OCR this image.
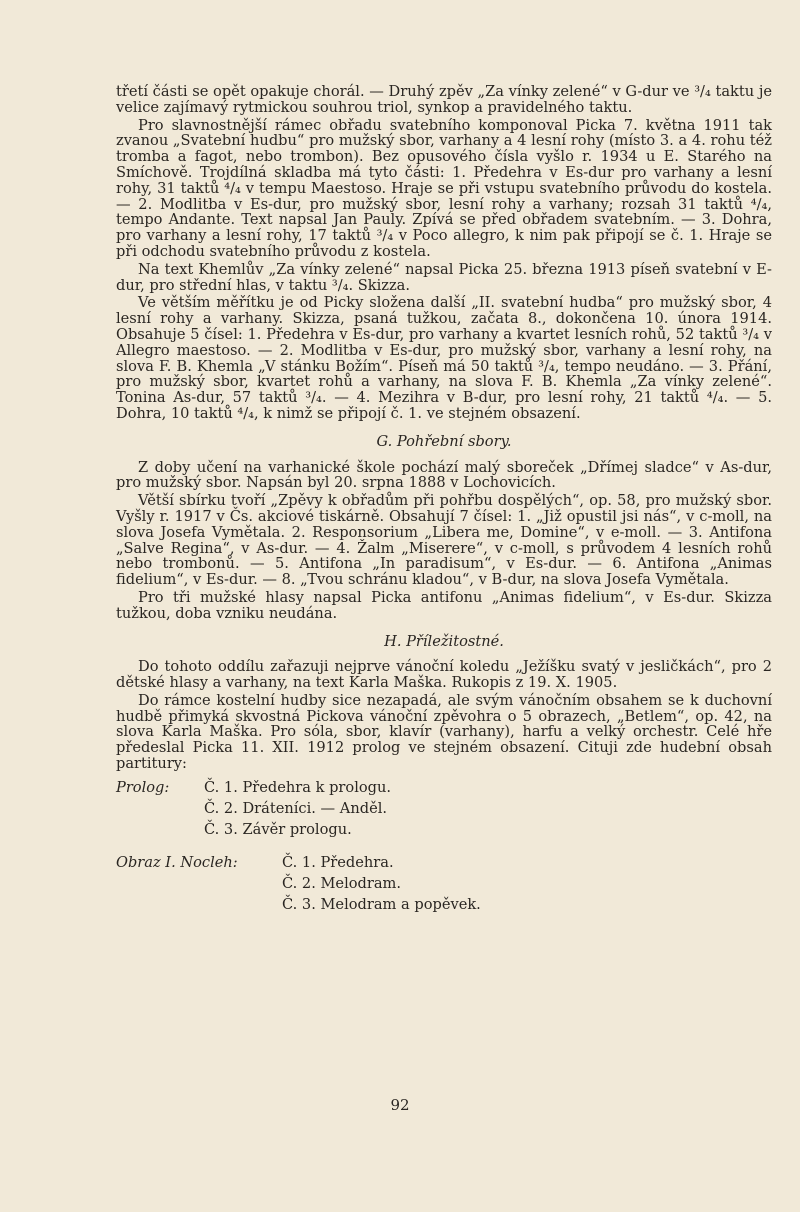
třetí části se opět opakuje chorál. — Druhý zpěv „Za vínky zelené“ v G-dur ve ³/₄ taktu je velice zajímavý rytmickou souhrou triol, synkop a pravidelného taktu.

Pro slavnostnější rámec obřadu svatebního komponoval Picka 7. května 1911 tak zvanou „Svatební hudbu“ pro mužský sbor, varhany a 4 lesní rohy (místo 3. a 4. rohu též tromba a fagot, nebo trombon). Bez opusového čísla vyšlo r. 1934 u E. Starého na Smíchově. Trojdílná skladba má tyto části: 1. Předehra v Es-dur pro varhany a lesní rohy, 31 taktů ⁴/₄ v tempu Maestoso. Hraje se při vstupu svatebního průvodu do kostela. — 2. Modlitba v Es-dur, pro mužský sbor, lesní rohy a varhany; rozsah 31 taktů ⁴/₄, tempo Andante. Text napsal Jan Pauly. Zpívá se před obřadem svatebním. — 3. Dohra, pro varhany a lesní rohy, 17 taktů ³/₄ v Poco allegro, k nim pak připojí se č. 1. Hraje se při odchodu svatebního průvodu z kostela.

Na text Khemlův „Za vínky zelené“ napsal Picka 25. března 1913 píseň svatební v E-dur, pro střední hlas, v taktu ³/₄. Skizza.

Ve větším měřítku je od Picky složena další „II. svatební hudba“ pro mužský sbor, 4 lesní rohy a varhany. Skizza, psaná tužkou, začata 8., dokončena 10. února 1914. Obsahuje 5 čísel: 1. Předehra v Es-dur, pro varhany a kvartet lesních rohů, 52 taktů ³/₄ v Allegro maestoso. — 2. Modlitba v Es-dur, pro mužský sbor, varhany a lesní rohy, na slova F. B. Khemla „V stánku Božím“. Píseň má 50 taktů ³/₄, tempo neudáno. — 3. Přání, pro mužský sbor, kvartet rohů a varhany, na slova F. B. Khemla „Za vínky zelené“. Tonina As-dur, 57 taktů ³/₄. — 4. Mezihra v B-dur, pro lesní rohy, 21 taktů ⁴/₄. — 5. Dohra, 10 taktů ⁴/₄, k nimž se připojí č. 1. ve stejném obsazení.

G. Pohřební sbory.

Z doby učení na varhanické škole pochází malý sboreček „Dřímej sladce“ v As-dur, pro mužský sbor. Napsán byl 20. srpna 1888 v Lochovicích.

Větší sbírku tvoří „Zpěvy k obřadům při pohřbu dospělých“, op. 58, pro mužský sbor. Vyšly r. 1917 v Čs. akciové tiskárně. Obsahují 7 čísel: 1. „Již opustil jsi nás“, v c-moll, na slova Josefa Vymětala. 2. Responsorium „Libera me, Domine“, v e-moll. — 3. Antifona „Salve Regina“, v As-dur. — 4. Žalm „Miserere“, v c-moll, s průvodem 4 lesních rohů nebo trombonů. — 5. Antifona „In paradisum“, v Es-dur. — 6. Antifona „Animas fidelium“, v Es-dur. — 8. „Tvou schránu kladou“, v B-dur, na slova Josefa Vymětala.

Pro tři mužské hlasy napsal Picka antifonu „Animas fidelium“, v Es-dur. Skizza tužkou, doba vzniku neudána.

H. Příležitostné.

Do tohoto oddílu zařazuji nejprve vánoční koledu „Ježíšku svatý v jesličkách“, pro 2 dětské hlasy a varhany, na text Karla Maška. Rukopis z 19. X. 1905.

Do rámce kostelní hudby sice nezapadá, ale svým vánočním obsahem se k duchovní hudbě přimyká skvostná Pickova vánoční zpěvohra o 5 obrazech, „Betlem“, op. 42, na slova Karla Maška. Pro sóla, sbor, klavír (varhany), harfu a velký orchestr. Celé hře předeslal Picka 11. XII. 1912 prolog ve stejném obsazení. Cituji zde hudební obsah partitury:

Prolog:	Č. 1. Předehra k prologu.
Č. 2. Dráteníci. — Anděl.
Č. 3. Závěr prologu.
Obraz I. Nocleh:	Č. 1. Předehra.
Č. 2. Melodram.
Č. 3. Melodram a popěvek.
92
